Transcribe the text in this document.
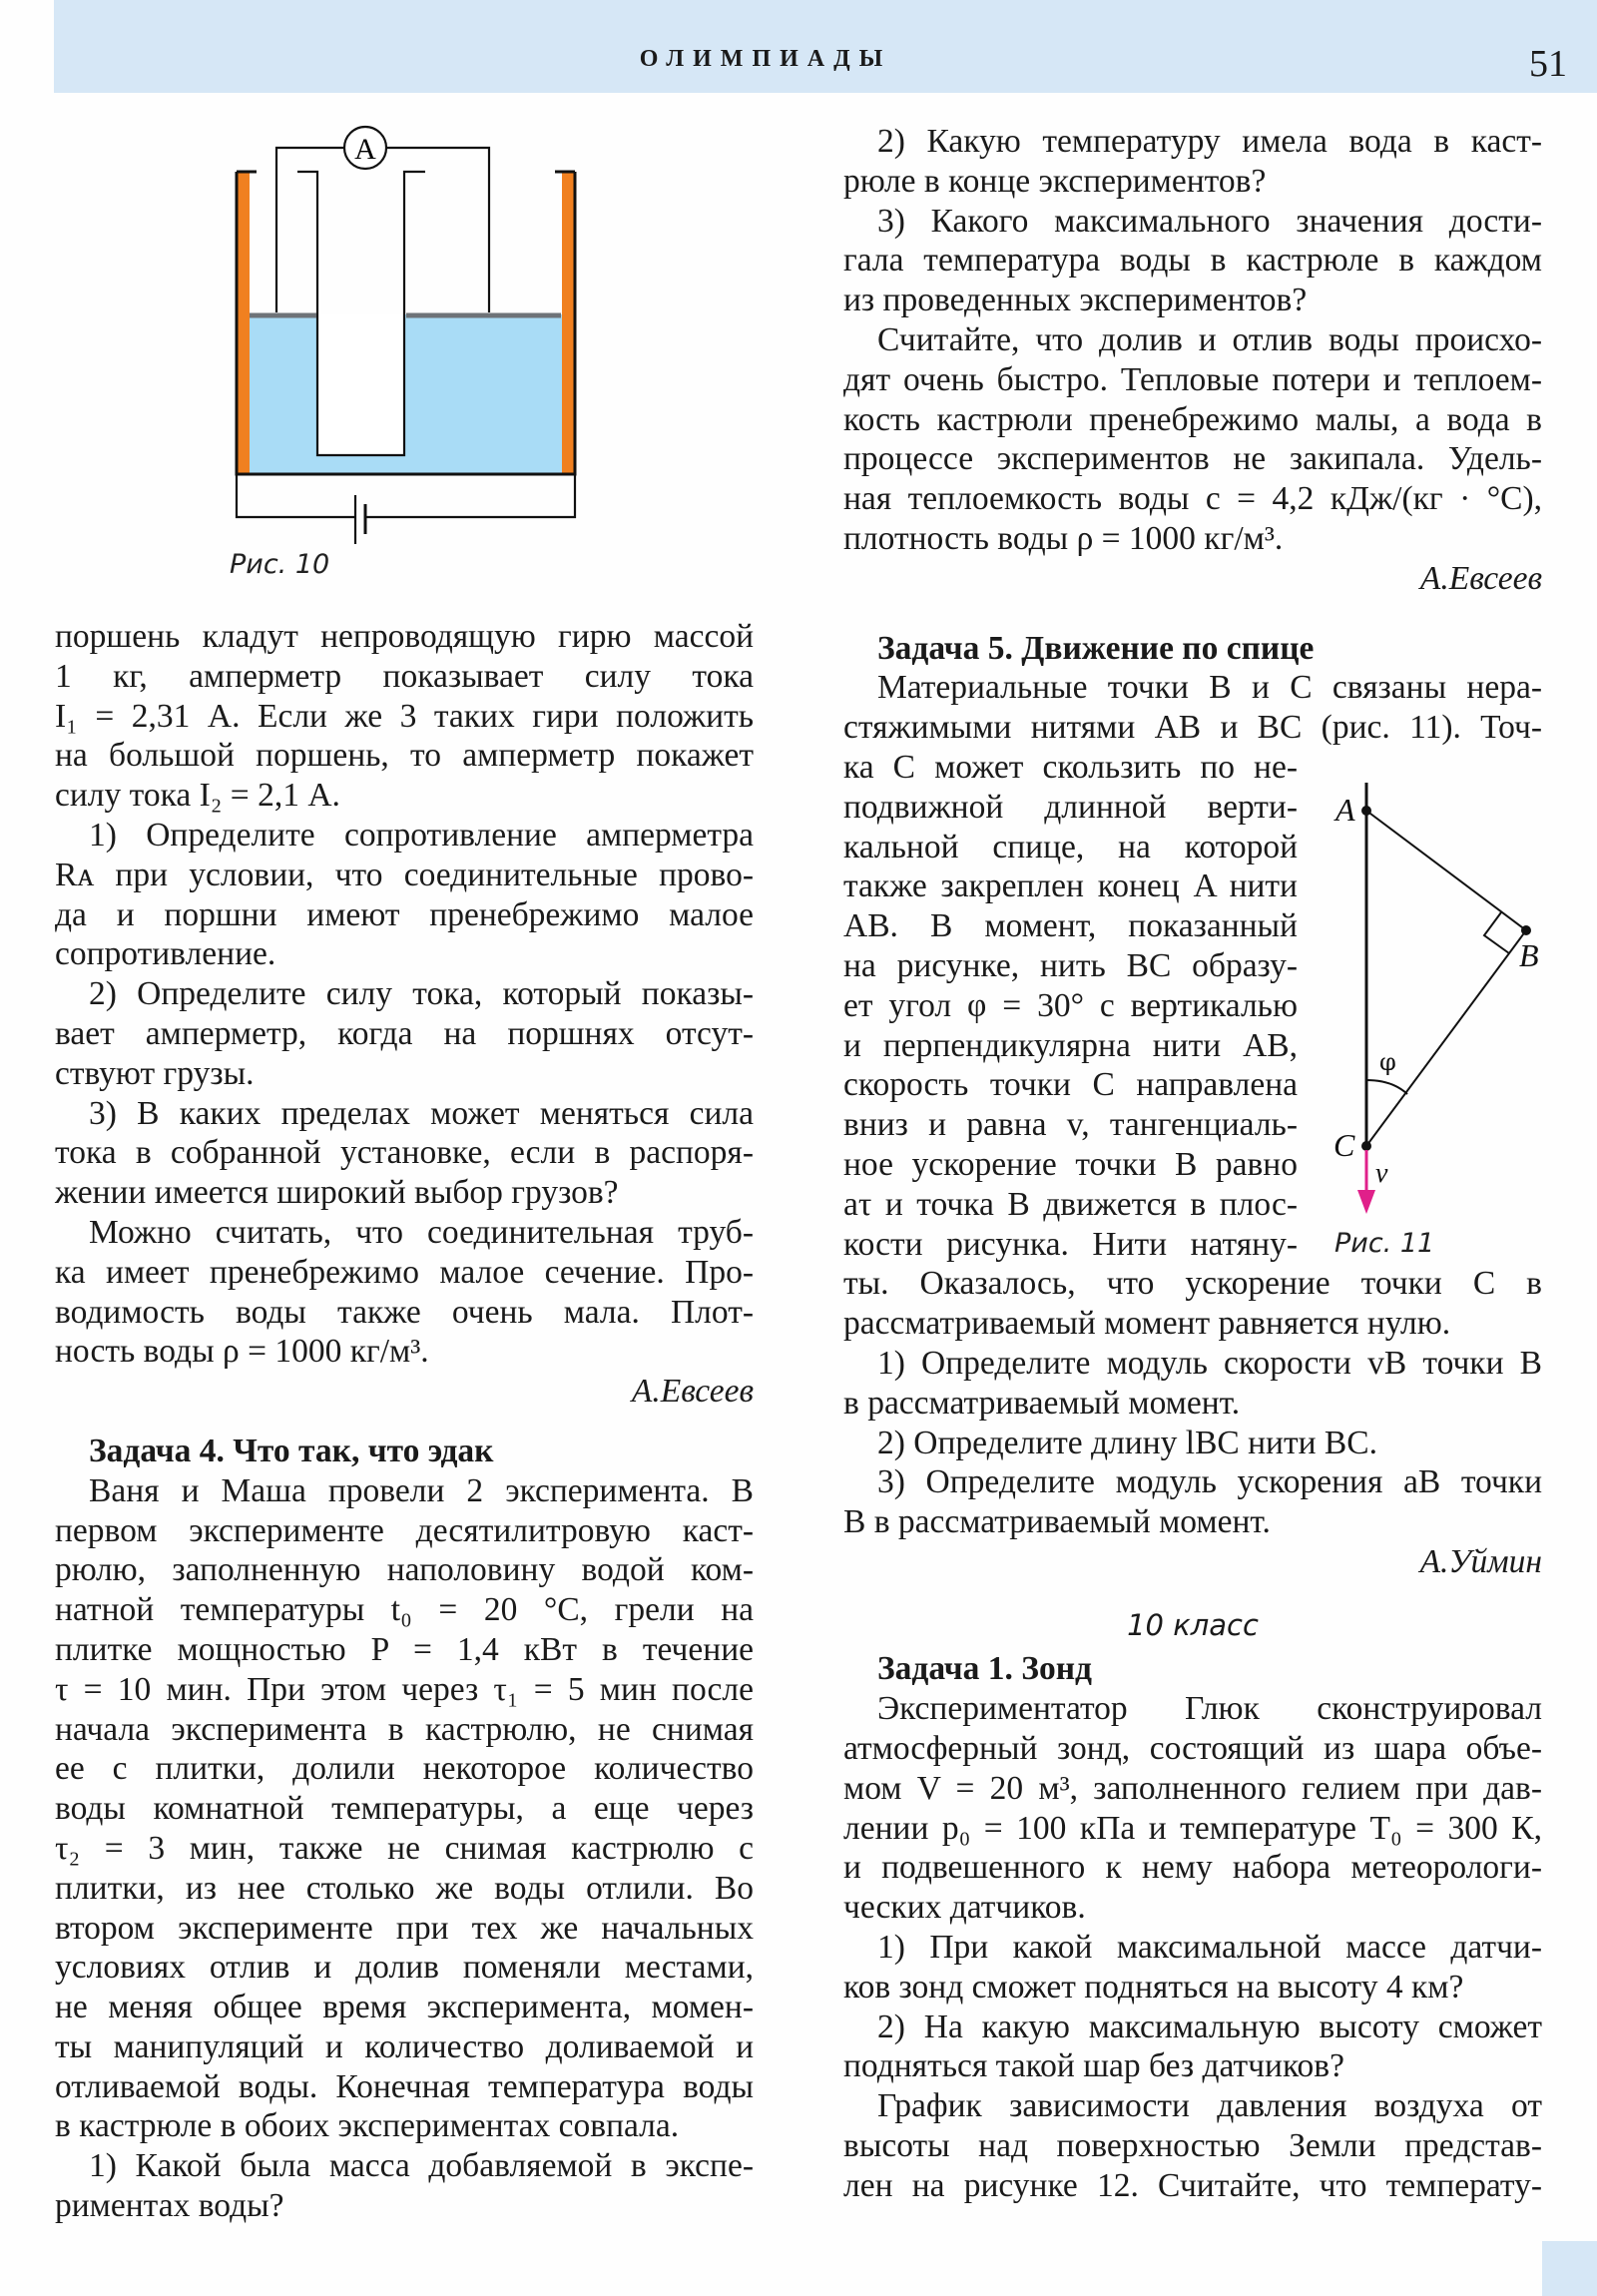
ОЛИМПИАДЫ	51
A
Рис. 10
поршень кладут непроводящую гирю массой
1 кг, амперметр показывает силу тока
I₁ = 2,31 А. Если же 3 таких гири положить
на большой поршень, то амперметр покажет
силу тока I₂ = 2,1 А.
1) Определите сопротивление амперметра
Rᴀ при условии, что соединительные прово-
да и поршни имеют пренебрежимо малое
сопротивление.
2) Определите силу тока, который показы-
вает амперметр, когда на поршнях отсут-
ствуют грузы.
3) В каких пределах может меняться сила
тока в собранной установке, если в распоря-
жении имеется широкий выбор грузов?
Можно считать, что соединительная труб-
ка имеет пренебрежимо малое сечение. Про-
водимость воды также очень мала. Плот-
ность воды ρ = 1000 кг/м³.
А.Евсеев
Задача 4. Что так, что эдак
Ваня и Маша провели 2 эксперимента. В
первом эксперименте десятилитровую каст-
рюлю, заполненную наполовину водой ком-
натной температуры t₀ = 20 °С, грели на
плитке мощностью P = 1,4 кВт в течение
τ = 10 мин. При этом через τ₁ = 5 мин после
начала эксперимента в кастрюлю, не снимая
ее с плитки, долили некоторое количество
воды комнатной температуры, а еще через
τ₂ = 3 мин, также не снимая кастрюлю с
плитки, из нее столько же воды отлили. Во
втором эксперименте при тех же начальных
условиях отлив и долив поменяли местами,
не меняя общее время эксперимента, момен-
ты манипуляций и количество доливаемой и
отливаемой воды. Конечная температура воды
в кастрюле в обоих экспериментах совпала.
1) Какой была масса добавляемой в экспе-
риментах воды?
2) Какую температуру имела вода в каст-
рюле в конце экспериментов?
3) Какого максимального значения дости-
гала температура воды в кастрюле в каждом
из проведенных экспериментов?
Считайте, что долив и отлив воды происхо-
дят очень быстро. Тепловые потери и теплоем-
кость кастрюли пренебрежимо малы, а вода в
процессе экспериментов не закипала. Удель-
ная теплоемкость воды c = 4,2 кДж/(кг · °С),
плотность воды ρ = 1000 кг/м³.
А.Евсеев
Задача 5. Движение по спице
Материальные точки B и C связаны нера-
стяжимыми нитями AB и BC (рис. 11). Точ-
ка C может скользить по не-
подвижной длинной верти-
кальной спице, на которой
также закреплен конец A нити
AB. В момент, показанный
на рисунке, нить BC образу-
ет угол φ = 30° с вертикалью
и перпендикулярна нити AB,
скорость точки C направлена
вниз и равна v, тангенциаль-
ное ускорение точки B равно
aτ и точка B движется в плос-
кости рисунка. Нити натяну-
ты. Оказалось, что ускорение точки C в
рассматриваемый момент равняется нулю.
1) Определите модуль скорости vB точки B
в рассматриваемый момент.
2) Определите длину lBC нити BC.
3) Определите модуль ускорения aB точки
B в рассматриваемый момент.
А.Уймин
10 класс
Задача 1. Зонд
Экспериментатор Глюк сконструировал
атмосферный зонд, состоящий из шара объе-
мом V = 20 м³, заполненного гелием при дав-
лении p₀ = 100 кПа и температуре T₀ = 300 К,
и подвешенного к нему набора метеорологи-
ческих датчиков.
1) При какой максимальной массе датчи-
ков зонд сможет подняться на высоту 4 км?
2) На какую максимальную высоту сможет
подняться такой шар без датчиков?
График зависимости давления воздуха от
высоты над поверхностью Земли представ-
лен на рисунке 12. Считайте, что температу-
A
B
C
v
φ
Рис. 11
